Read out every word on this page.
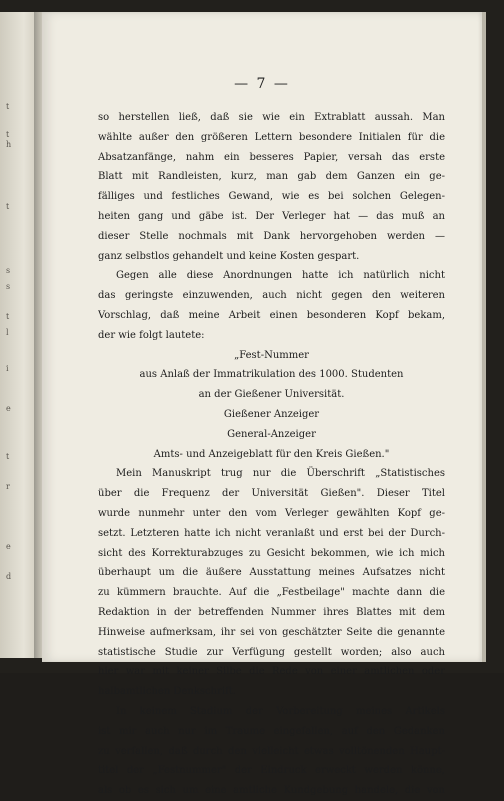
t
t
h
t
s
s
t
l
i
e
t
r
e
d
— 7 —
so herstellen ließ, daß sie wie ein Extrablatt aussah. Man
wählte außer den größeren Lettern besondere Initialen für die
Absatzanfänge, nahm ein besseres Papier, versah das erste
Blatt mit Randleisten, kurz, man gab dem Ganzen ein ge-
fälliges und festliches Gewand, wie es bei solchen Gelegen-
heiten gang und gäbe ist. Der Verleger hat — das muß an
dieser Stelle nochmals mit Dank hervorgehoben werden —
ganz selbstlos gehandelt und keine Kosten gespart.
Gegen alle diese Anordnungen hatte ich natürlich nicht
das geringste einzuwenden, auch nicht gegen den weiteren
Vorschlag, daß meine Arbeit einen besonderen Kopf bekam,
der wie folgt lautete:
„Fest-Nummer
aus Anlaß der Immatrikulation des 1000. Studenten
an der Gießener Universität.
Gießener Anzeiger
General-Anzeiger
Amts- und Anzeigeblatt für den Kreis Gießen."
Mein Manuskript trug nur die Überschrift „Statistisches
über die Frequenz der Universität Gießen". Dieser Titel
wurde nunmehr unter den vom Verleger gewählten Kopf ge-
setzt. Letzteren hatte ich nicht veranlaßt und erst bei der Durch-
sicht des Korrekturabzuges zu Gesicht bekommen, wie ich mich
überhaupt um die äußere Ausstattung meines Aufsatzes nicht
zu kümmern brauchte. Auf die „Festbeilage" machte dann die
Redaktion in der betreffenden Nummer ihres Blattes mit dem
Hinweise aufmerksam, ihr sei von geschätzter Seite die genannte
statistische Studie zur Verfügung gestellt worden; also auch
hier war mit keiner Silbe die Rede von einer amtlichen oder
halbamtlichen Denkschrift.
In keinem Stadium der Vorbereitung meines Artikels
ist mir auch nur im Traume eingefallen, auf den Gedanken
zu verfallen, daß durch den vielleicht etwas volltönenden Haupt-
titel der „Festnummer" der Eindruck erweckt werden könne,
als ob es sich um eine amtliche Kundgebung handele, die von
